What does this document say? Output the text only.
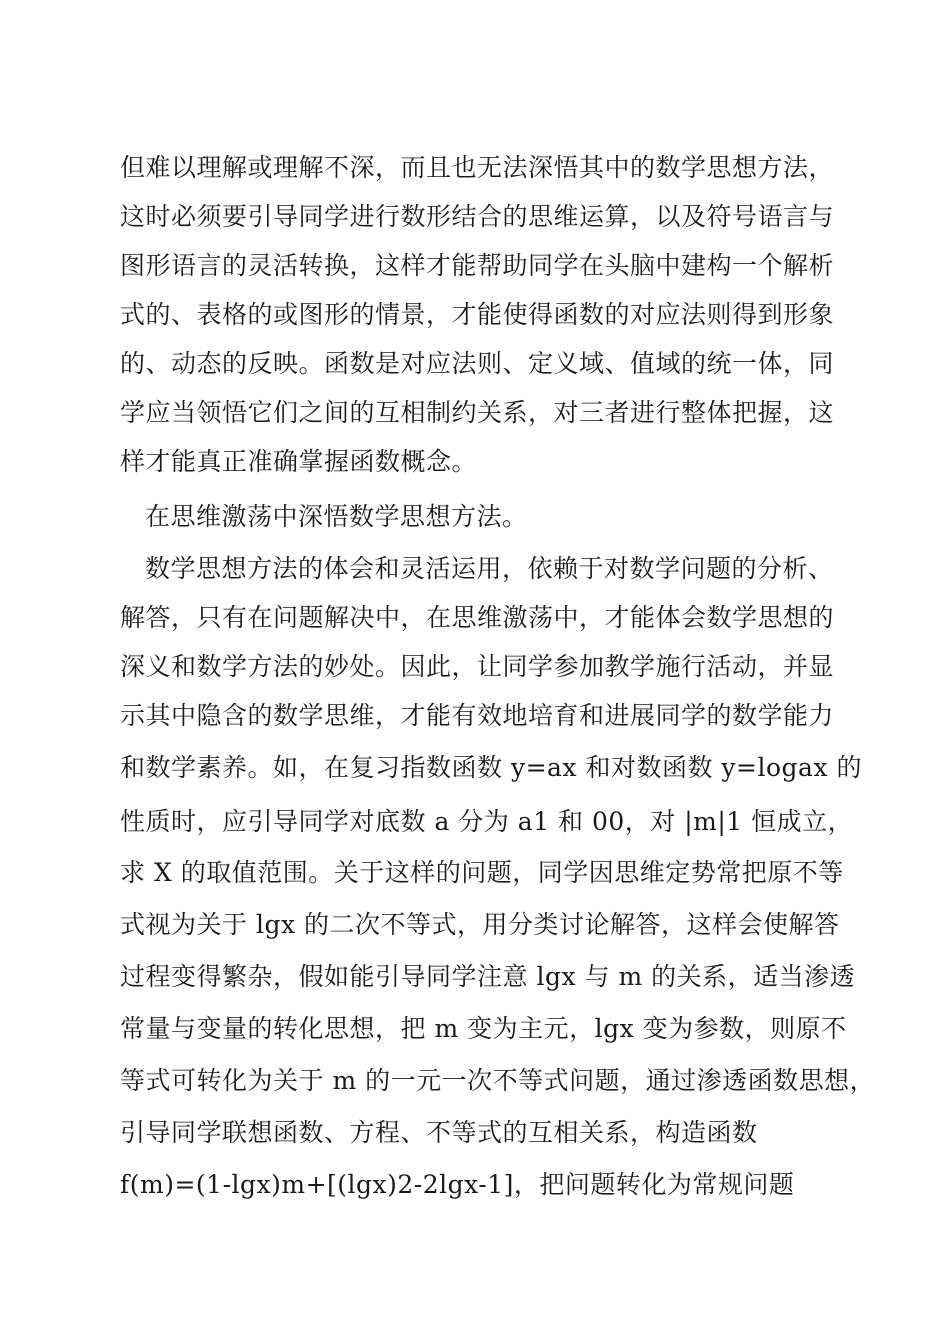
但难以理解或理解不深，而且也无法深悟其中的数学思想方法，
这时必须要引导同学进行数形结合的思维运算，以及符号语言与
图形语言的灵活转换，这样才能帮助同学在头脑中建构一个解析
式的、表格的或图形的情景，才能使得函数的对应法则得到形象
的、动态的反映。函数是对应法则、定义域、值域的统一体，同
学应当领悟它们之间的互相制约关系，对三者进行整体把握，这
样才能真正准确掌握函数概念。
在思维激荡中深悟数学思想方法。
数学思想方法的体会和灵活运用，依赖于对数学问题的分析、
解答，只有在问题解决中，在思维激荡中，才能体会数学思想的
深义和数学方法的妙处。因此，让同学参加教学施行活动，并显
示其中隐含的数学思维，才能有效地培育和进展同学的数学能力
和数学素养。如，在复习指数函数 y=ax 和对数函数 y=logax 的
性质时，应引导同学对底数 a 分为 a1 和 00，对 |m|1 恒成立，
求 X 的取值范围。关于这样的问题，同学因思维定势常把原不等
式视为关于 lgx 的二次不等式，用分类讨论解答，这样会使解答
过程变得繁杂，假如能引导同学注意 lgx 与 m 的关系，适当渗透
常量与变量的转化思想，把 m 变为主元，lgx 变为参数，则原不
等式可转化为关于 m 的一元一次不等式问题，通过渗透函数思想，
引导同学联想函数、方程、不等式的互相关系，构造函数
f(m)=(1-lgx)m+[(lgx)2-2lgx-1]，把问题转化为常规问题
